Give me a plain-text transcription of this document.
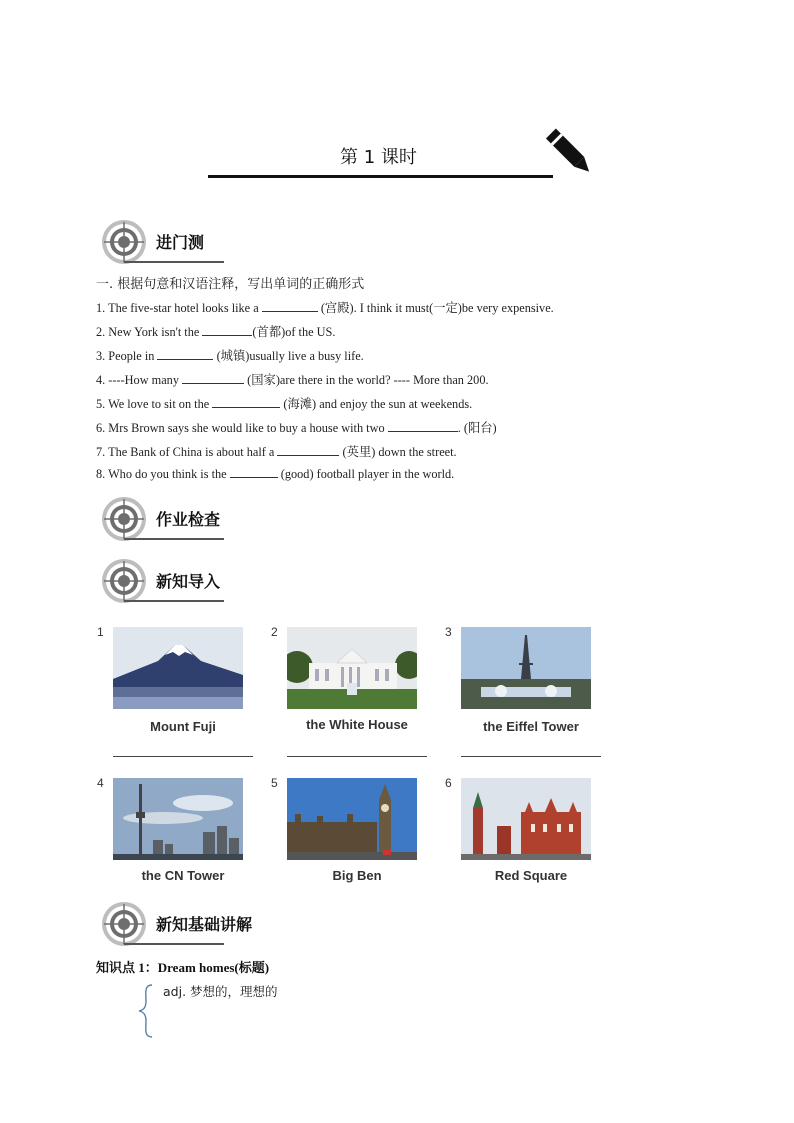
第 1 课时
进门测
一. 根据句意和汉语注释，写出单词的正确形式
1. The five-star hotel looks like a	(宫殿). I think it must(一定)be very expensive.
2. New York isn't the	(首都)of the US.
3. People in	(城镇)usually live a busy life.
4. ----How many	(国家)are there in the world? ---- More than 200.
5. We love to sit on the	(海滩) and enjoy the sun at weekends.
6. Mrs Brown says she would like to buy a house with two	. (阳台)
7. The Bank of China is about half a	(英里) down the street.
8. Who do you think is the	(good) football player in the world.
作业检查
新知导入
1
Mount Fuji
2
the White House
3
the Eiffel Tower
4
the CN Tower
5
Big Ben
6
Red Square
新知基础讲解
知识点 1：Dream homes(标题)
adj. 梦想的，理想的
